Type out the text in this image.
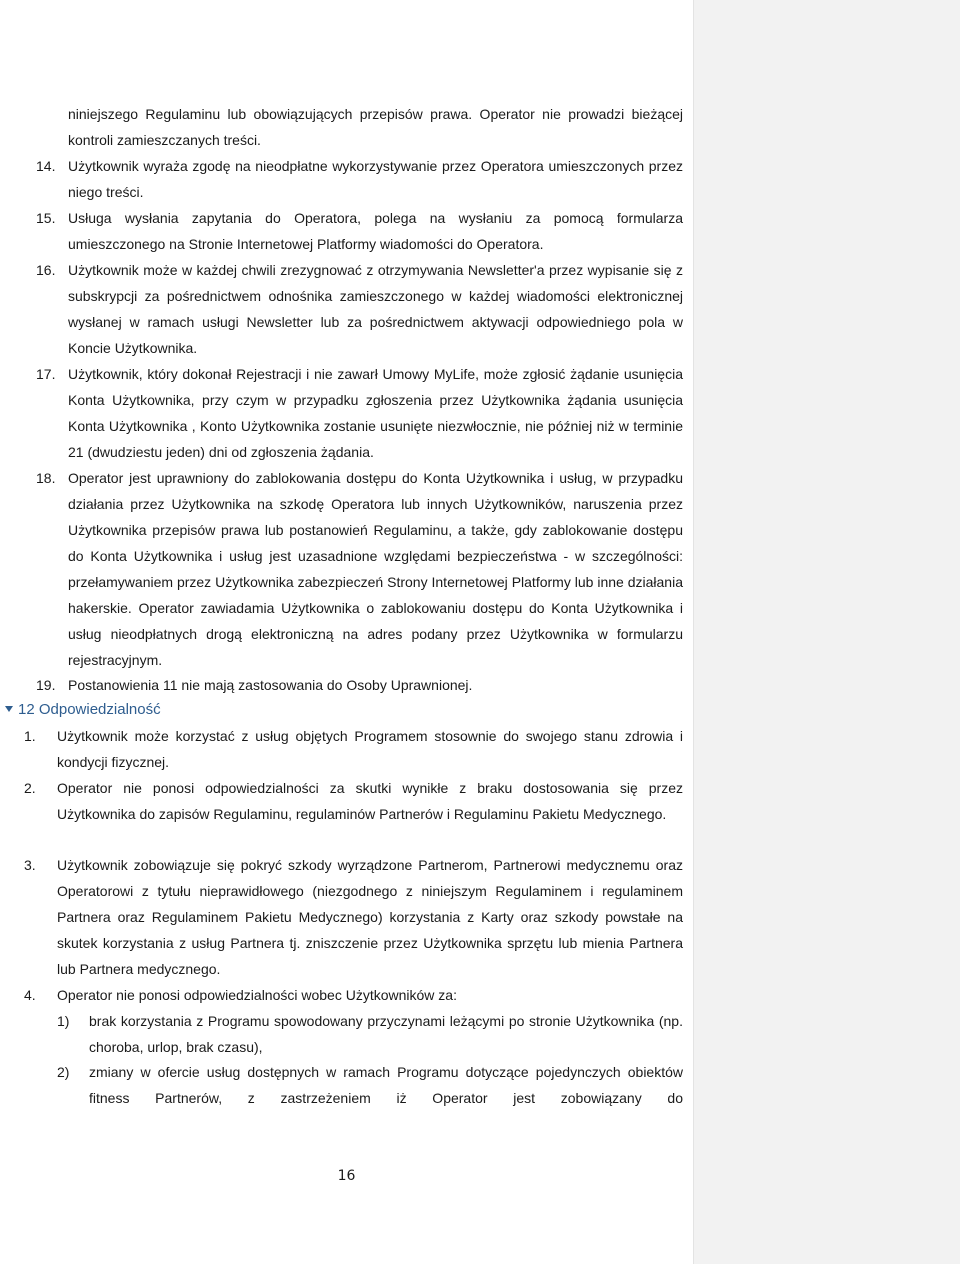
niniejszego Regulaminu lub obowiązujących przepisów prawa. Operator nie prowadzi bieżącej kontroli zamieszczanych treści.
14. Użytkownik wyraża zgodę na nieodpłatne wykorzystywanie przez Operatora umieszczonych przez niego treści.
15. Usługa wysłania zapytania do Operatora, polega na wysłaniu za pomocą formularza umieszczonego na Stronie Internetowej Platformy wiadomości do Operatora.
16. Użytkownik może w każdej chwili zrezygnować z otrzymywania Newsletter'a przez wypisanie się z subskrypcji za pośrednictwem odnośnika zamieszczonego w każdej wiadomości elektronicznej wysłanej w ramach usługi Newsletter lub za pośrednictwem aktywacji odpowiedniego pola w Koncie Użytkownika.
17. Użytkownik, który dokonał Rejestracji i nie zawarł Umowy MyLife, może zgłosić żądanie usunięcia Konta Użytkownika, przy czym w przypadku zgłoszenia przez Użytkownika żądania usunięcia Konta Użytkownika , Konto Użytkownika zostanie usunięte niezwłocznie, nie później niż w terminie 21 (dwudziestu jeden) dni od zgłoszenia żądania.
18. Operator jest uprawniony do zablokowania dostępu do Konta Użytkownika i usług, w przypadku działania przez Użytkownika na szkodę Operatora lub innych Użytkowników, naruszenia przez Użytkownika przepisów prawa lub postanowień Regulaminu, a także, gdy zablokowanie dostępu do Konta Użytkownika i usług jest uzasadnione względami bezpieczeństwa - w szczególności: przełamywaniem przez Użytkownika zabezpieczeń Strony Internetowej Platformy lub inne działania hakerskie. Operator zawiadamia Użytkownika o zablokowaniu dostępu do Konta Użytkownika i usług nieodpłatnych drogą elektroniczną na adres podany przez Użytkownika w formularzu rejestracyjnym.
19. Postanowienia 11 nie mają zastosowania do Osoby Uprawnionej.
12 Odpowiedzialność
1. Użytkownik może korzystać z usług objętych Programem stosownie do swojego stanu zdrowia i kondycji fizycznej.
2. Operator nie ponosi odpowiedzialności za skutki wynikłe z braku dostosowania się przez Użytkownika do zapisów Regulaminu, regulaminów Partnerów i Regulaminu Pakietu Medycznego.
3. Użytkownik zobowiązuje się pokryć szkody wyrządzone Partnerom, Partnerowi medycznemu oraz Operatorowi z tytułu nieprawidłowego (niezgodnego z niniejszym Regulaminem i regulaminem Partnera oraz Regulaminem Pakietu Medycznego) korzystania z Karty oraz szkody powstałe na skutek korzystania z usług Partnera tj. zniszczenie przez Użytkownika sprzętu lub mienia Partnera lub Partnera medycznego.
4. Operator nie ponosi odpowiedzialności wobec Użytkowników za:
1) brak korzystania z Programu spowodowany przyczynami leżącymi po stronie Użytkownika (np. choroba, urlop, brak czasu),
2) zmiany w ofercie usług dostępnych w ramach Programu dotyczące pojedynczych obiektów fitness Partnerów, z zastrzeżeniem iż Operator jest zobowiązany do
16
